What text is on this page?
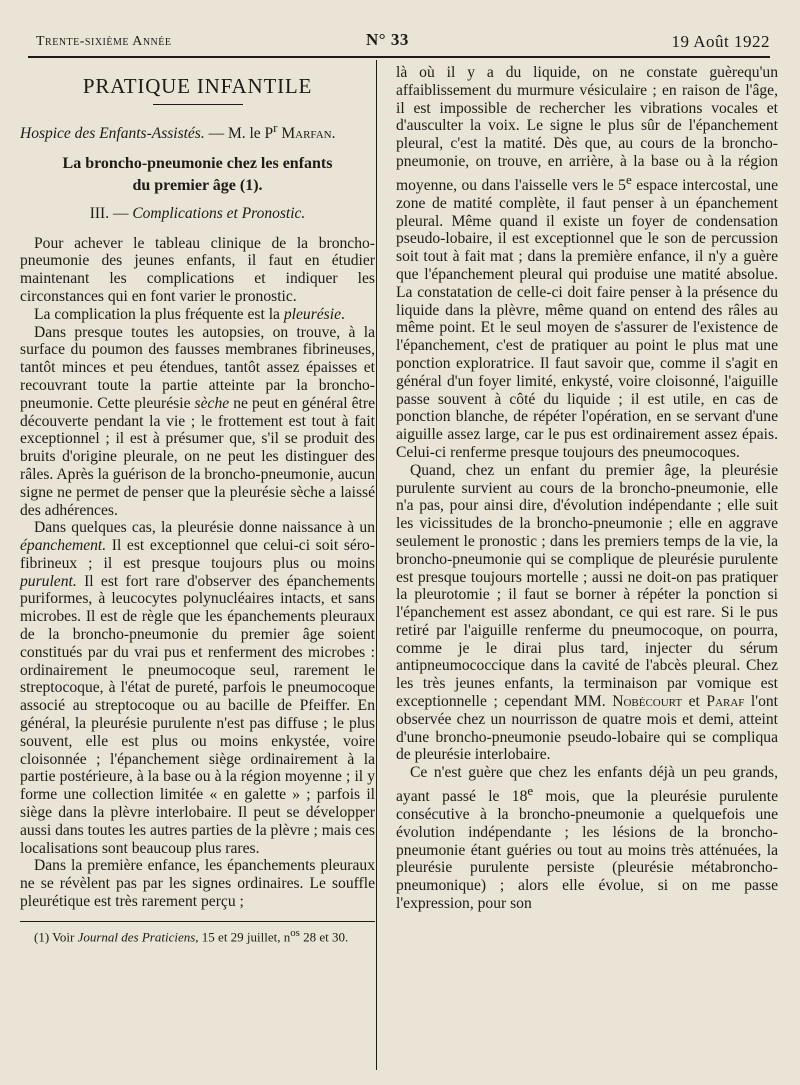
Trente-sixième Année	N° 33	19 Août 1922
PRATIQUE INFANTILE
Hospice des Enfants-Assistés. — M. le $P^r$ Marfan.
La broncho-pneumonie chez les enfants
du premier âge (1).
III. — Complications et Pronostic.

Pour achever le tableau clinique de la broncho-pneumonie des jeunes enfants, il faut en étudier maintenant les complications et indiquer les circonstances qui en font varier le pronostic.

La complication la plus fréquente est la pleurésie.

Dans presque toutes les autopsies, on trouve, à la surface du poumon des fausses membranes fibrineuses, tantôt minces et peu étendues, tantôt assez épaisses et recouvrant toute la partie atteinte par la broncho-pneumonie. Cette pleurésie sèche ne peut en général être découverte pendant la vie ; le frottement est tout à fait exceptionnel ; il est à présumer que, s'il se produit des bruits d'origine pleurale, on ne peut les distinguer des râles. Après la guérison de la broncho-pneumonie, aucun signe ne permet de penser que la pleurésie sèche a laissé des adhérences.

Dans quelques cas, la pleurésie donne naissance à un épanchement. Il est exceptionnel que celui-ci soit séro-fibrineux ; il est presque toujours plus ou moins purulent. Il est fort rare d'observer des épanchements puriformes, à leucocytes polynucléaires intacts, et sans microbes. Il est de règle que les épanchements pleuraux de la broncho-pneumonie du premier âge soient constitués par du vrai pus et renferment des microbes : ordinairement le pneumocoque seul, rarement le streptocoque, à l'état de pureté, parfois le pneumocoque associé au streptocoque ou au bacille de Pfeiffer. En général, la pleurésie purulente n'est pas diffuse ; le plus souvent, elle est plus ou moins enkystée, voire cloisonnée ; l'épanchement siège ordinairement à la partie postérieure, à la base ou à la région moyenne ; il y forme une collection limitée « en galette » ; parfois il siège dans la plèvre interlobaire. Il peut se développer aussi dans toutes les autres parties de la plèvre ; mais ces localisations sont beaucoup plus rares.

Dans la première enfance, les épanchements pleuraux ne se révèlent pas par les signes ordinaires. Le souffle pleurétique est très rarement perçu ;

(1) Voir Journal des Praticiens, 15 et 29 juillet, $n^{os}$ 28 et 30.

là où il y a du liquide, on ne constate guèrequ'un affaiblissement du murmure vésiculaire ; en raison de l'âge, il est impossible de rechercher les vibrations vocales et d'ausculter la voix. Le signe le plus sûr de l'épanchement pleural, c'est la matité. Dès que, au cours de la broncho-pneumonie, on trouve, en arrière, à la base ou à la région moyenne, ou dans l'aisselle vers le 5e espace intercostal, une zone de matité complète, il faut penser à un épanchement pleural. Même quand il existe un foyer de condensation pseudo-lobaire, il est exceptionnel que le son de percussion soit tout à fait mat ; dans la première enfance, il n'y a guère que l'épanchement pleural qui produise une matité absolue. La constatation de celle-ci doit faire penser à la présence du liquide dans la plèvre, même quand on entend des râles au même point. Et le seul moyen de s'assurer de l'existence de l'épanchement, c'est de pratiquer au point le plus mat une ponction exploratrice. Il faut savoir que, comme il s'agit en général d'un foyer limité, enkysté, voire cloisonné, l'aiguille passe souvent à côté du liquide ; il est utile, en cas de ponction blanche, de répéter l'opération, en se servant d'une aiguille assez large, car le pus est ordinairement assez épais. Celui-ci renferme presque toujours des pneumocoques.

Quand, chez un enfant du premier âge, la pleurésie purulente survient au cours de la broncho-pneumonie, elle n'a pas, pour ainsi dire, d'évolution indépendante ; elle suit les vicissitudes de la broncho-pneumonie ; elle en aggrave seulement le pronostic ; dans les premiers temps de la vie, la broncho-pneumonie qui se complique de pleurésie purulente est presque toujours mortelle ; aussi ne doit-on pas pratiquer la pleurotomie ; il faut se borner à répéter la ponction si l'épanchement est assez abondant, ce qui est rare. Si le pus retiré par l'aiguille renferme du pneumocoque, on pourra, comme je le dirai plus tard, injecter du sérum antipneumococcique dans la cavité de l'abcès pleural. Chez les très jeunes enfants, la terminaison par vomique est exceptionnelle ; cependant MM. Nobécourt et Paraf l'ont observée chez un nourrisson de quatre mois et demi, atteint d'une broncho-pneumonie pseudo-lobaire qui se compliqua de pleurésie interlobaire.

Ce n'est guère que chez les enfants déjà un peu grands, ayant passé le 18e mois, que la pleurésie purulente consécutive à la broncho-pneumonie a quelquefois une évolution indépendante ; les lésions de la broncho-pneumonie étant guéries ou tout au moins très atténuées, la pleurésie purulente persiste (pleurésie métabroncho-pneumonique) ; alors elle évolue, si on me passe l'expression, pour son
